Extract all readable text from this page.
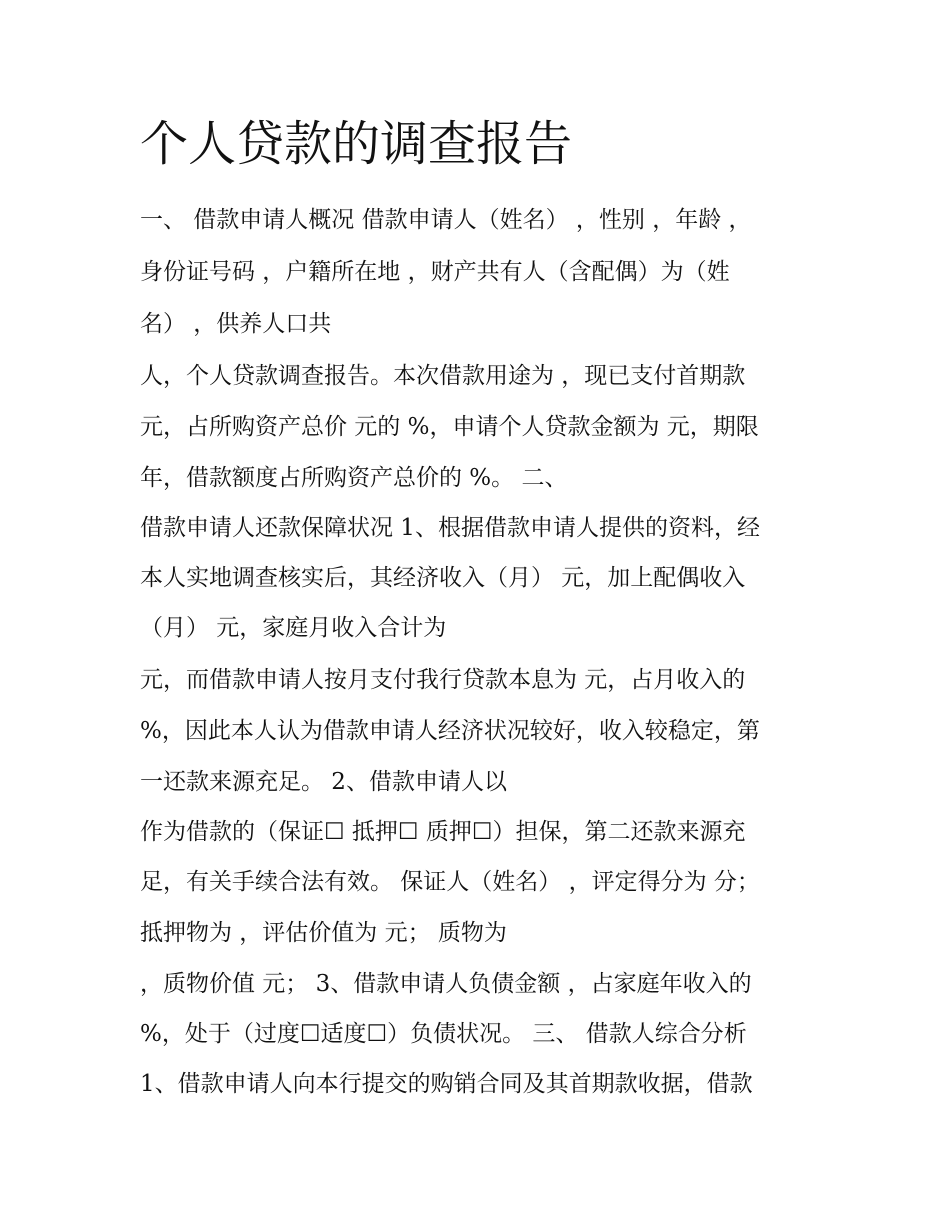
个人贷款的调查报告

一、 借款申请人概况 借款申请人（姓名） ，性别 ，年龄 ，

身份证号码 ，户籍所在地 ，财产共有人（含配偶）为（姓

名） ，供养人口共

人，个人贷款调查报告。本次借款用途为 ，现已支付首期款

元，占所购资产总价 元的 %，申请个人贷款金额为 元，期限

年，借款额度占所购资产总价的 %。 二、

借款申请人还款保障状况 1、根据借款申请人提供的资料，经

本人实地调查核实后，其经济收入（月） 元，加上配偶收入

（月） 元，家庭月收入合计为

元，而借款申请人按月支付我行贷款本息为 元，占月收入的

%，因此本人认为借款申请人经济状况较好，收入较稳定，第

一还款来源充足。 2、借款申请人以

作为借款的（保证☐ 抵押☐ 质押☐）担保，第二还款来源充

足，有关手续合法有效。 保证人（姓名） ，评定得分为 分；

抵押物为 ，评估价值为 元； 质物为

，质物价值 元； 3、借款申请人负债金额 ，占家庭年收入的

%，处于（过度☐适度☐）负债状况。 三、 借款人综合分析

1、借款申请人向本行提交的购销合同及其首期款收据，借款
